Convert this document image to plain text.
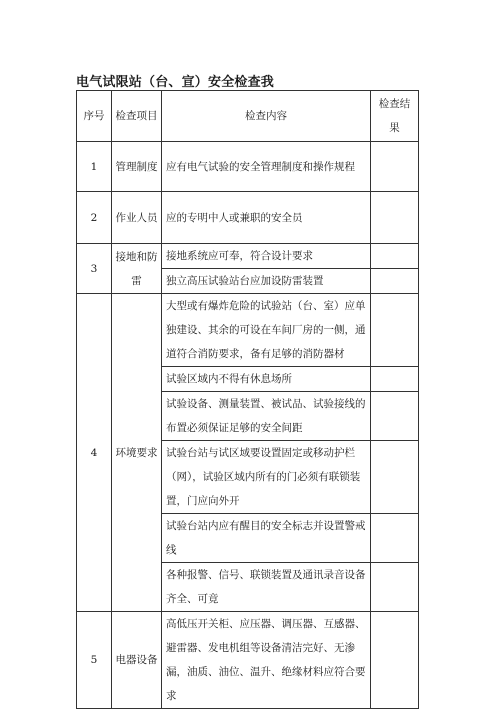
电气试限站（台、宣）安全检查我
序号	检查项目	检查内容	检查结果
1	管理制度	应有电气试验的安全管理制度和操作规程	
2	作业人员	应的专明中人或兼职的安全员	
3	接地和防雷	接地系统应可奉，符合设计要求	
		独立高压试验站台应加设防雷装置	
4	环境要求	大型或有爆炸危险的试验站（台、室）应单独建设、其余的可设在车间厂房的一侧，通道符合消防要求，备有足够的消防器材	
		试验区域内不得有休息场所	
		试验设备、测量装置、被试品、试验接线的布置必须保证足够的安全间距	
		试验台站与试区域要设置固定或移动护栏（网），试验区域内所有的门必须有联锁装置，门应向外开	
		试验台站内应有醒目的安全标志并设置警戒线	
		各种报警、信号、联锁装置及通讯录音设备齐全、可竟	
5	电器设备	高低压开关柜、应压器、调压器、互感器、避雷器、发电机组等设备清洁完好、无渗漏，油质、油位、温升、绝缘材料应符合要求	
